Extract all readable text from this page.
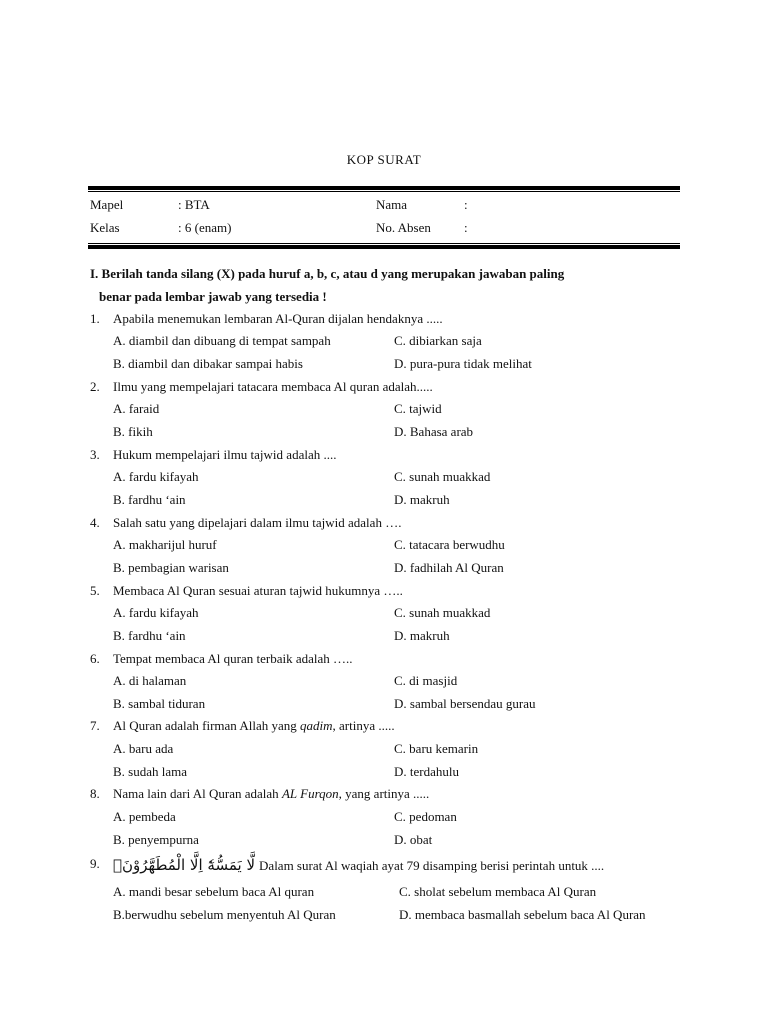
KOP SURAT
Mapel	: BTA	Nama	:
Kelas	: 6 (enam)	No. Absen	:
I. Berilah tanda silang (X) pada huruf a, b, c, atau d yang merupakan jawaban paling
benar pada lembar jawab yang tersedia !
1. Apabila menemukan lembaran Al-Quran dijalan hendaknya .....
A. diambil dan dibuang di tempat sampah	C. dibiarkan saja
B. diambil dan dibakar sampai habis	D. pura-pura tidak melihat
2. Ilmu yang mempelajari tatacara membaca Al quran adalah.....
A. faraid	C. tajwid
B. fikih	D. Bahasa arab
3. Hukum mempelajari ilmu tajwid adalah ....
A. fardu kifayah	C. sunah muakkad
B. fardhu ‘ain	D. makruh
4. Salah satu yang dipelajari dalam ilmu tajwid adalah ….
A. makharijul huruf	C. tatacara berwudhu
B. pembagian warisan	D. fadhilah Al Quran
5. Membaca Al Quran sesuai aturan tajwid hukumnya …..
A. fardu kifayah	C. sunah muakkad
B. fardhu ‘ain	D. makruh
6. Tempat membaca Al quran terbaik adalah …..
A. di halaman	C. di masjid
B. sambal tiduran	D. sambal bersendau gurau
7. Al Quran adalah firman Allah yang qadim, artinya .....
A. baru ada	C. baru kemarin
B. sudah lama	D. terdahulu
8. Nama lain dari Al Quran adalah AL Furqon, yang artinya .....
A. pembeda	C. pedoman
B. penyempurna	D. obat
9. لَّا يَمَسُّهٗٓ اِلَّا الْمُطَهَّرُوْنَۗ Dalam surat Al waqiah ayat 79 disamping berisi perintah untuk ....
A. mandi besar sebelum baca Al quran	C. sholat sebelum membaca Al Quran
B.berwudhu sebelum menyentuh Al Quran	D. membaca basmallah sebelum baca Al Quran
